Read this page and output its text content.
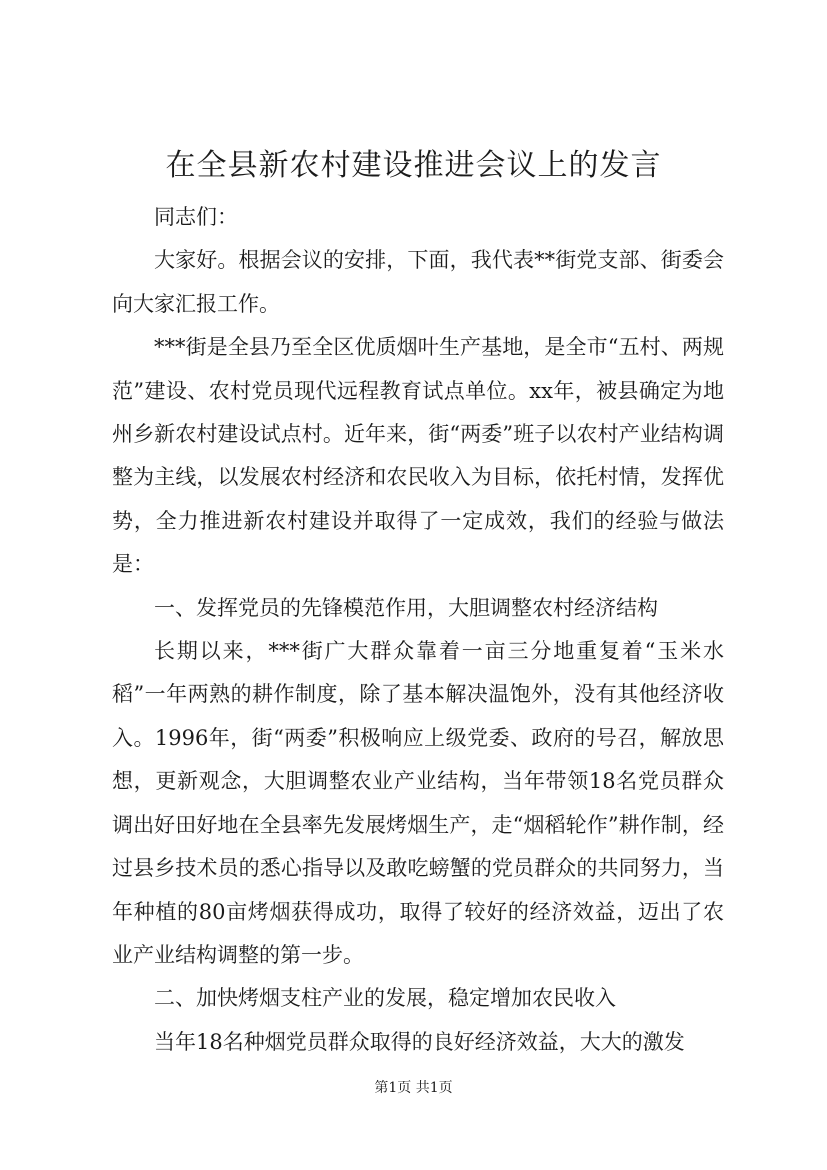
在全县新农村建设推进会议上的发言

同志们：

大家好。根据会议的安排，下面，我代表**街党支部、街委会向大家汇报工作。

***街是全县乃至全区优质烟叶生产基地，是全市“五村、两规范”建设、农村党员现代远程教育试点单位。xx年，被县确定为地州乡新农村建设试点村。近年来，街“两委”班子以农村产业结构调整为主线，以发展农村经济和农民收入为目标，依托村情，发挥优势，全力推进新农村建设并取得了一定成效，我们的经验与做法是：

一、发挥党员的先锋模范作用，大胆调整农村经济结构

长期以来，***街广大群众靠着一亩三分地重复着“玉米水稻”一年两熟的耕作制度，除了基本解决温饱外，没有其他经济收入。1996年，街“两委”积极响应上级党委、政府的号召，解放思想，更新观念，大胆调整农业产业结构，当年带领18名党员群众调出好田好地在全县率先发展烤烟生产，走“烟稻轮作”耕作制，经过县乡技术员的悉心指导以及敢吃螃蟹的党员群众的共同努力，当年种植的80亩烤烟获得成功，取得了较好的经济效益，迈出了农业产业结构调整的第一步。

二、加快烤烟支柱产业的发展，稳定增加农民收入

当年18名种烟党员群众取得的良好经济效益，大大的激发

第1页 共1页
